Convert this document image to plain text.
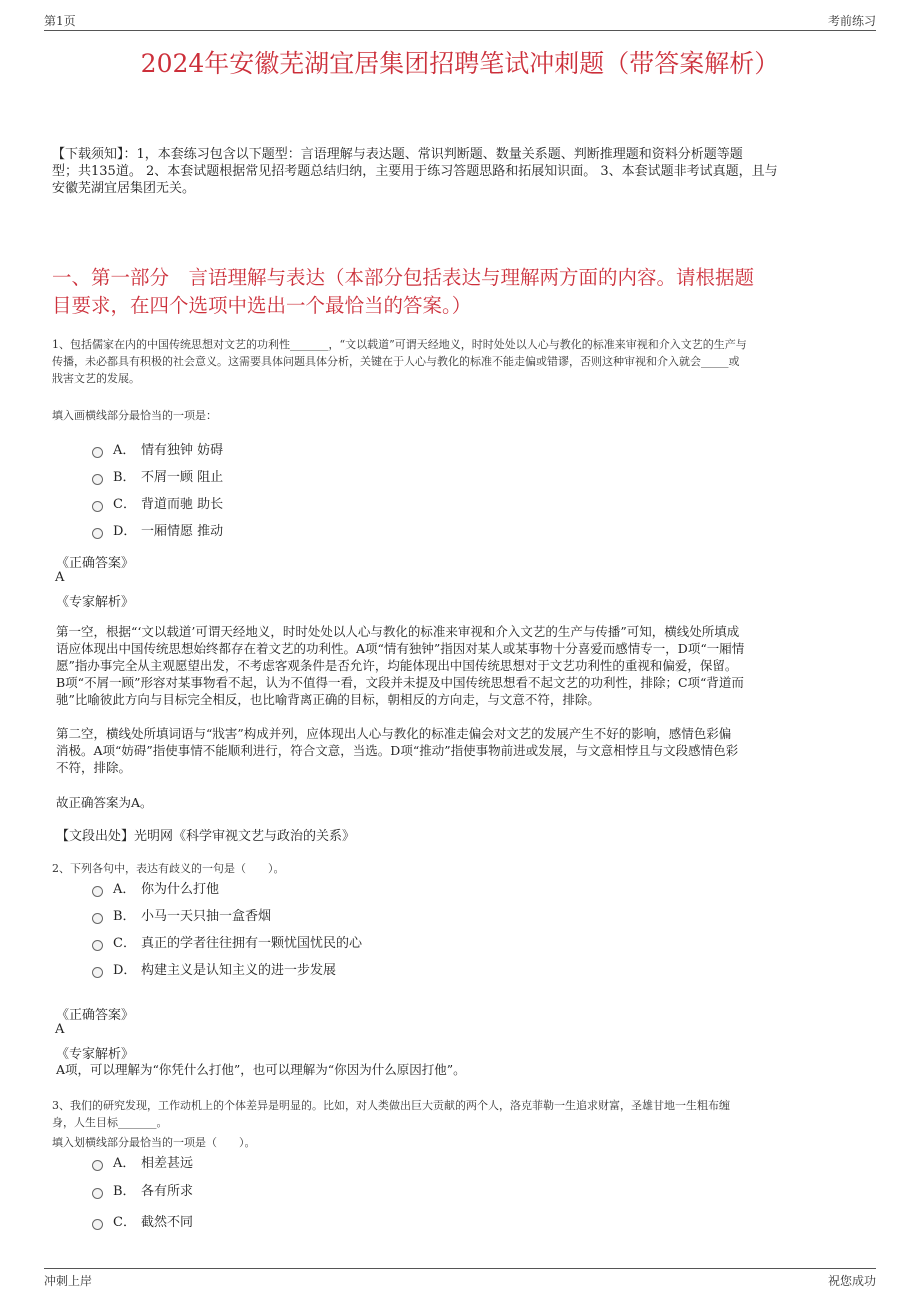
第1页	考前练习
2024年安徽芜湖宜居集团招聘笔试冲刺题（带答案解析）
【下载须知】：1，本套练习包含以下题型：言语理解与表达题、常识判断题、数量关系题、判断推理题和资料分析题等题
型；共135道。 2、本套试题根据常见招考题总结归纳，主要用于练习答题思路和拓展知识面。 3、本套试题非考试真题，且与
安徽芜湖宜居集团无关。
一、第一部分　言语理解与表达（本部分包括表达与理解两方面的内容。请根据题
目要求，在四个选项中选出一个最恰当的答案。）
1、包括儒家在内的中国传统思想对文艺的功利性_______，“文以载道”可谓天经地义，时时处处以人心与教化的标准来审视和介入文艺的生产与
传播，未必都具有积极的社会意义。这需要具体问题具体分析，关键在于人心与教化的标准不能走偏或错谬，否则这种审视和介入就会_____或
戕害文艺的发展。
填入画横线部分最恰当的一项是：
A． 情有独钟 妨碍
B． 不屑一顾 阻止
C． 背道而驰 助长
D． 一厢情愿 推动
《正确答案》
A
《专家解析》
第一空，根据“‘文以载道’可谓天经地义，时时处处以人心与教化的标准来审视和介入文艺的生产与传播”可知，横线处所填成
语应体现出中国传统思想始终都存在着文艺的功利性。A项“情有独钟”指因对某人或某事物十分喜爱而感情专一，D项“一厢情
愿”指办事完全从主观愿望出发，不考虑客观条件是否允许，均能体现出中国传统思想对于文艺功利性的重视和偏爱，保留。
B项“不屑一顾”形容对某事物看不起，认为不值得一看，文段并未提及中国传统思想看不起文艺的功利性，排除；C项“背道而
驰”比喻彼此方向与目标完全相反，也比喻背离正确的目标，朝相反的方向走，与文意不符，排除。
第二空，横线处所填词语与“戕害”构成并列，应体现出人心与教化的标准走偏会对文艺的发展产生不好的影响，感情色彩偏
消极。A项“妨碍”指使事情不能顺利进行，符合文意，当选。D项“推动”指使事物前进或发展，与文意相悖且与文段感情色彩
不符，排除。
故正确答案为A。
【文段出处】光明网《科学审视文艺与政治的关系》
2、下列各句中，表达有歧义的一句是（　　）。
A． 你为什么打他
B． 小马一天只抽一盒香烟
C． 真正的学者往往拥有一颗忧国忧民的心
D． 构建主义是认知主义的进一步发展
《正确答案》
A
《专家解析》
A项，可以理解为“你凭什么打他”，也可以理解为“你因为什么原因打他”。
3、我们的研究发现，工作动机上的个体差异是明显的。比如，对人类做出巨大贡献的两个人，洛克菲勒一生追求财富，圣雄甘地一生粗布缠
身，人生目标_______。
填入划横线部分最恰当的一项是（　　）。
A． 相差甚远
B． 各有所求
C． 截然不同
冲刺上岸	祝您成功
